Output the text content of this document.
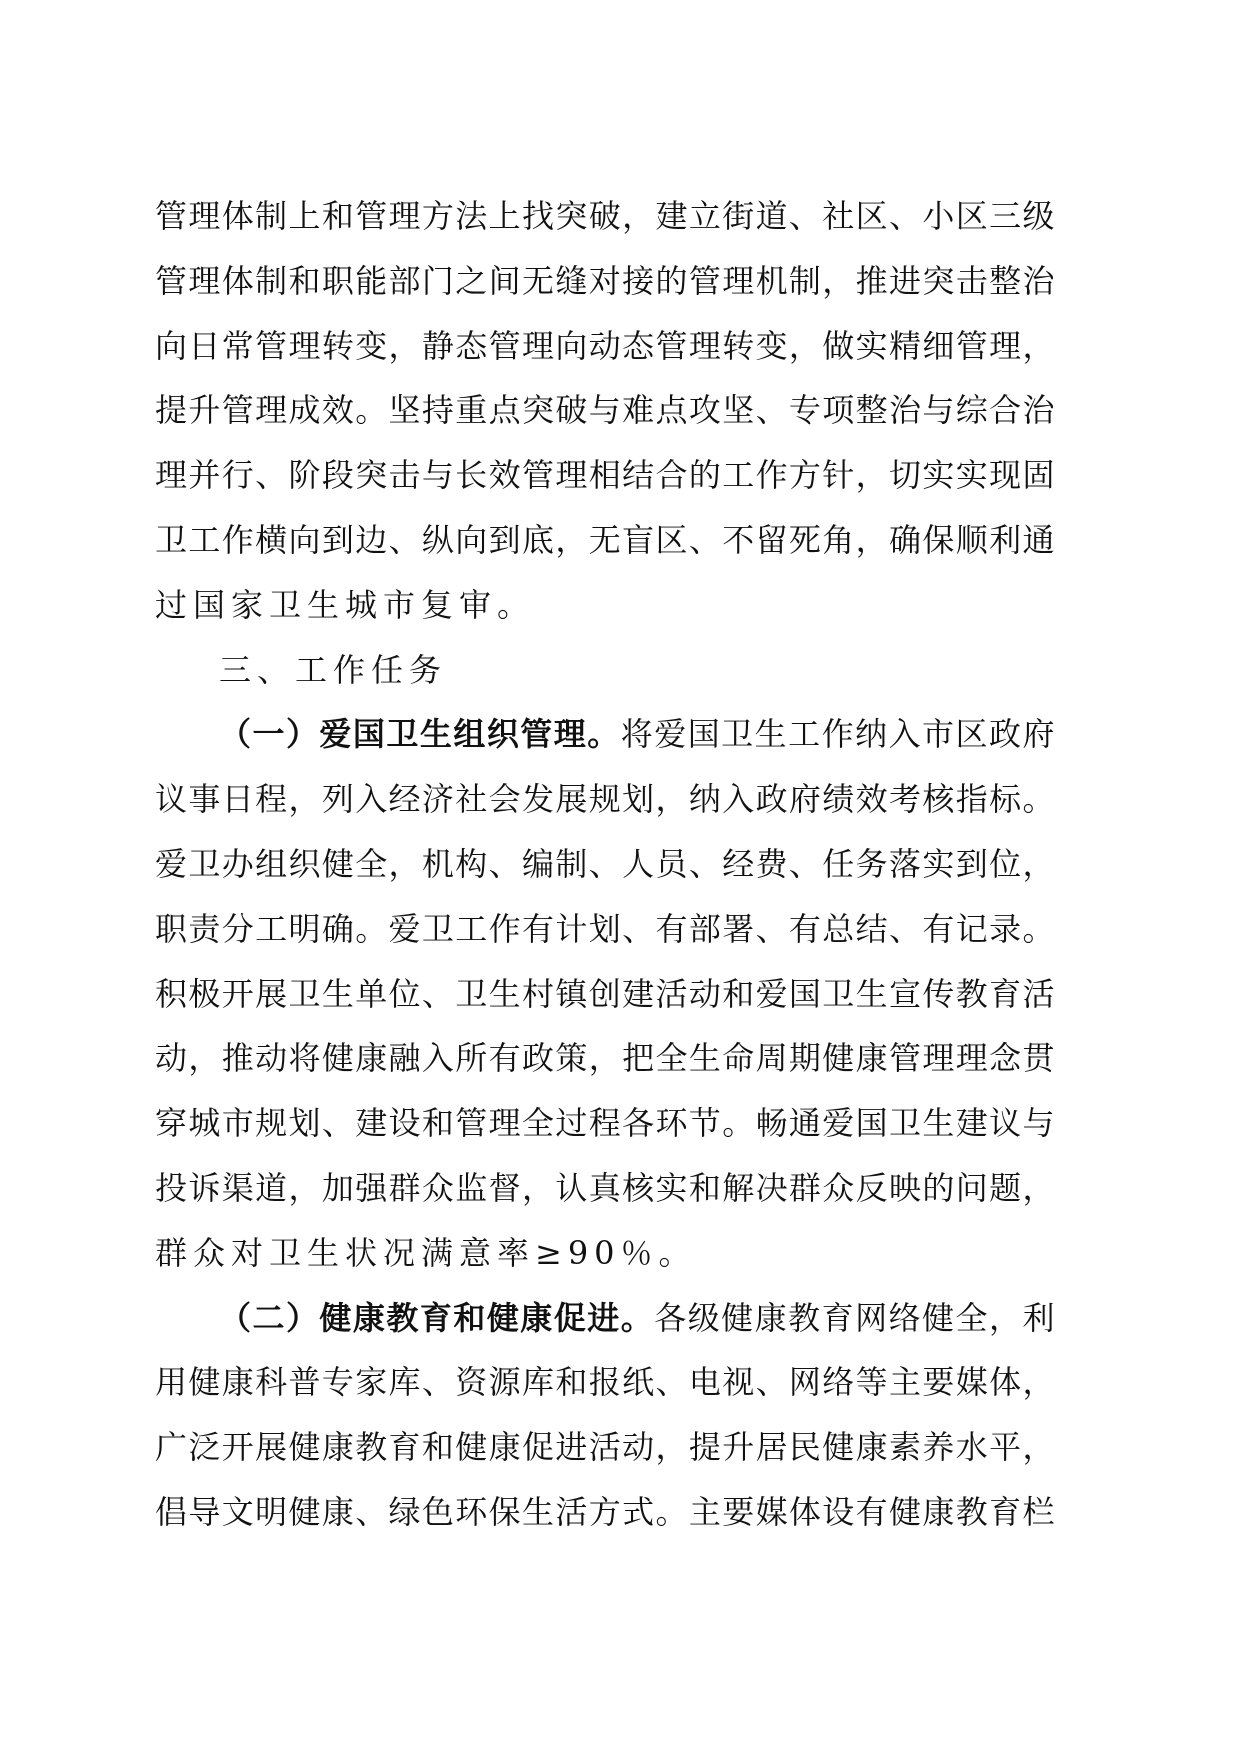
管理体制上和管理方法上找突破，建立街道、社区、小区三级
管理体制和职能部门之间无缝对接的管理机制，推进突击整治
向日常管理转变，静态管理向动态管理转变，做实精细管理，
提升管理成效。坚持重点突破与难点攻坚、专项整治与综合治
理并行、阶段突击与长效管理相结合的工作方针，切实实现固
卫工作横向到边、纵向到底，无盲区、不留死角，确保顺利通
过国家卫生城市复审。
三、工作任务
（一）爱国卫生组织管理。将爱国卫生工作纳入市区政府
议事日程，列入经济社会发展规划，纳入政府绩效考核指标。
爱卫办组织健全，机构、编制、人员、经费、任务落实到位，
职责分工明确。爱卫工作有计划、有部署、有总结、有记录。
积极开展卫生单位、卫生村镇创建活动和爱国卫生宣传教育活
动，推动将健康融入所有政策，把全生命周期健康管理理念贯
穿城市规划、建设和管理全过程各环节。畅通爱国卫生建议与
投诉渠道，加强群众监督，认真核实和解决群众反映的问题，
群众对卫生状况满意率≥90％。
（二）健康教育和健康促进。各级健康教育网络健全，利
用健康科普专家库、资源库和报纸、电视、网络等主要媒体，
广泛开展健康教育和健康促进活动，提升居民健康素养水平，
倡导文明健康、绿色环保生活方式。主要媒体设有健康教育栏
